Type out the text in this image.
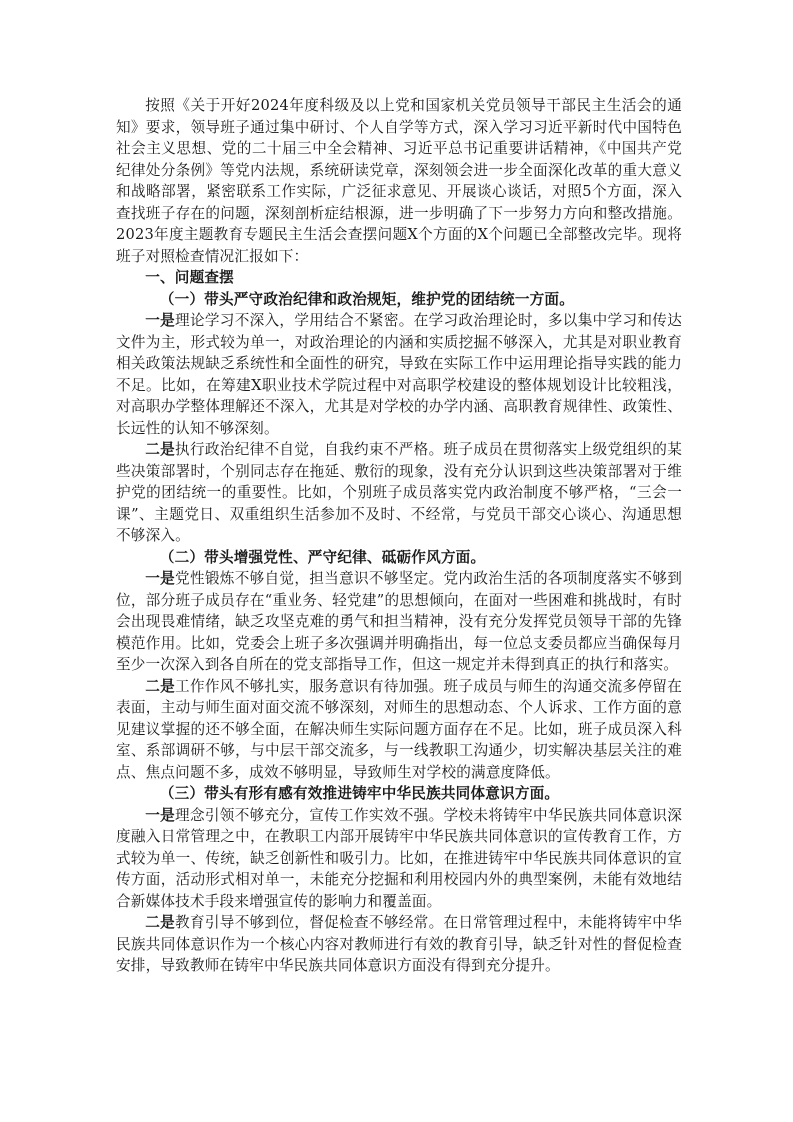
按照《关于开好2024年度科级及以上党和国家机关党员领导干部民主生活会的通知》要求，领导班子通过集中研讨、个人自学等方式，深入学习习近平新时代中国特色社会主义思想、党的二十届三中全会精神、习近平总书记重要讲话精神，《中国共产党纪律处分条例》等党内法规，系统研读党章，深刻领会进一步全面深化改革的重大意义和战略部署，紧密联系工作实际，广泛征求意见、开展谈心谈话，对照5个方面，深入查找班子存在的问题，深刻剖析症结根源，进一步明确了下一步努力方向和整改措施。2023年度主题教育专题民主生活会查摆问题X个方面的X个问题已全部整改完毕。现将班子对照检查情况汇报如下：

一、问题查摆

（一）带头严守政治纪律和政治规矩，维护党的团结统一方面。

一是理论学习不深入，学用结合不紧密。在学习政治理论时，多以集中学习和传达文件为主，形式较为单一，对政治理论的内涵和实质挖掘不够深入，尤其是对职业教育相关政策法规缺乏系统性和全面性的研究，导致在实际工作中运用理论指导实践的能力不足。比如，在筹建X职业技术学院过程中对高职学校建设的整体规划设计比较粗浅，对高职办学整体理解还不深入，尤其是对学校的办学内涵、高职教育规律性、政策性、长远性的认知不够深刻。

二是执行政治纪律不自觉，自我约束不严格。班子成员在贯彻落实上级党组织的某些决策部署时，个别同志存在拖延、敷衍的现象，没有充分认识到这些决策部署对于维护党的团结统一的重要性。比如，个别班子成员落实党内政治制度不够严格，“三会一课”、主题党日、双重组织生活参加不及时、不经常，与党员干部交心谈心、沟通思想不够深入。

（二）带头增强党性、严守纪律、砥砺作风方面。

一是党性锻炼不够自觉，担当意识不够坚定。党内政治生活的各项制度落实不够到位，部分班子成员存在“重业务、轻党建”的思想倾向，在面对一些困难和挑战时，有时会出现畏难情绪，缺乏攻坚克难的勇气和担当精神，没有充分发挥党员领导干部的先锋模范作用。比如，党委会上班子多次强调并明确指出，每一位总支委员都应当确保每月至少一次深入到各自所在的党支部指导工作，但这一规定并未得到真正的执行和落实。

二是工作作风不够扎实，服务意识有待加强。班子成员与师生的沟通交流多停留在表面，主动与师生面对面交流不够深刻，对师生的思想动态、个人诉求、工作方面的意见建议掌握的还不够全面，在解决师生实际问题方面存在不足。比如，班子成员深入科室、系部调研不够，与中层干部交流多，与一线教职工沟通少，切实解决基层关注的难点、焦点问题不多，成效不够明显，导致师生对学校的满意度降低。

（三）带头有形有感有效推进铸牢中华民族共同体意识方面。

一是理念引领不够充分，宣传工作实效不强。学校未将铸牢中华民族共同体意识深度融入日常管理之中，在教职工内部开展铸牢中华民族共同体意识的宣传教育工作，方式较为单一、传统，缺乏创新性和吸引力。比如，在推进铸牢中华民族共同体意识的宣传方面，活动形式相对单一，未能充分挖掘和利用校园内外的典型案例，未能有效地结合新媒体技术手段来增强宣传的影响力和覆盖面。

二是教育引导不够到位，督促检查不够经常。在日常管理过程中，未能将铸牢中华民族共同体意识作为一个核心内容对教师进行有效的教育引导，缺乏针对性的督促检查安排，导致教师在铸牢中华民族共同体意识方面没有得到充分提升。
